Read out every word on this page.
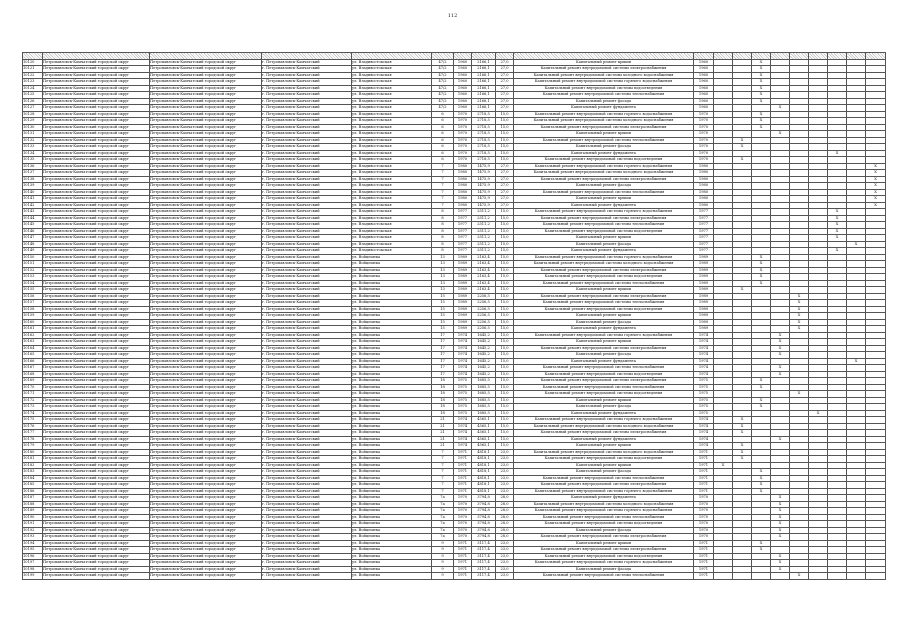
112

10120	Петропавловск-Камчатский городской округ	Петропавловск-Камчатский городской округ	г. Петропавловск-Камчатский	ул. Владивостокская	47/2	1960	2166,1	27,0	Капитальный ремонт крыши	1960			X						
10121	Петропавловск-Камчатский городской округ	Петропавловск-Камчатский городской округ	г. Петропавловск-Камчатский	ул. Владивостокская	47/2	1960	2166,1	27,0	Капитальный ремонт внутридомовой системы электроснабжения	1960			X						
10122	Петропавловск-Камчатский городской округ	Петропавловск-Камчатский городской округ	г. Петропавловск-Камчатский	ул. Владивостокская	47/2	1960	2166,1	27,0	Капитальный ремонт внутридомовой системы холодного водоснабжения	1960			X						
10123	Петропавловск-Камчатский городской округ	Петропавловск-Камчатский городской округ	г. Петропавловск-Камчатский	ул. Владивостокская	47/2	1960	2166,1	27,0	Капитальный ремонт внутридомовой системы горячего водоснабжения	1960			X						
10124	Петропавловск-Камчатский городской округ	Петропавловск-Камчатский городской округ	г. Петропавловск-Камчатский	ул. Владивостокская	47/2	1960	2166,1	27,0	Капитальный ремонт внутридомовой системы водоотведения	1960			X						
10125	Петропавловск-Камчатский городской округ	Петропавловск-Камчатский городской округ	г. Петропавловск-Камчатский	ул. Владивостокская	47/2	1960	2166,1	27,0	Капитальный ремонт внутридомовой системы теплоснабжения	1960			X						
10126	Петропавловск-Камчатский городской округ	Петропавловск-Камчатский городской округ	г. Петропавловск-Камчатский	ул. Владивостокская	47/2	1960	2166,1	27,0	Капитальный ремонт фасада	1960			X						
10127	Петропавловск-Камчатский городской округ	Петропавловск-Камчатский городской округ	г. Петропавловск-Камчатский	ул. Владивостокская	47/2	1960	2166,1	27,0	Капитальный ремонт фундамента	1960				X					
10128	Петропавловск-Камчатский городской округ	Петропавловск-Камчатский городской округ	г. Петропавловск-Камчатский	ул. Владивостокская	6	1970	2718,5	15,0	Капитальный ремонт внутридомовой системы горячего водоснабжения	1970			X						
10129	Петропавловск-Камчатский городской округ	Петропавловск-Камчатский городской округ	г. Петропавловск-Камчатский	ул. Владивостокская	6	1970	2718,5	15,0	Капитальный ремонт внутридомовой системы холодного водоснабжения	1970			X						
10130	Петропавловск-Камчатский городской округ	Петропавловск-Камчатский городской округ	г. Петропавловск-Камчатский	ул. Владивостокская	6	1970	2718,5	15,0	Капитальный ремонт внутридомовой системы электроснабжения	1970			X						
10131	Петропавловск-Камчатский городской округ	Петропавловск-Камчатский городской округ	г. Петропавловск-Камчатский	ул. Владивостокская	6	1970	2718,5	15,0	Капитальный ремонт крыши	1970				X					
10132	Петропавловск-Камчатский городской округ	Петропавловск-Камчатский городской округ	г. Петропавловск-Камчатский	ул. Владивостокская	6	1970	2718,5	15,0	Капитальный ремонт внутридомовой системы теплоснабжения	1970		X							
10133	Петропавловск-Камчатский городской округ	Петропавловск-Камчатский городской округ	г. Петропавловск-Камчатский	ул. Владивостокская	6	1970	2718,5	15,0	Капитальный ремонт фасада	1970		X							
10134	Петропавловск-Камчатский городской округ	Петропавловск-Камчатский городской округ	г. Петропавловск-Камчатский	ул. Владивостокская	6	1970	2718,5	15,0	Капитальный ремонт фундамента	1970							X		
10135	Петропавловск-Камчатский городской округ	Петропавловск-Камчатский городской округ	г. Петропавловск-Камчатский	ул. Владивостокская	6	1970	2718,5	15,0	Капитальный ремонт внутридомовой системы водоотведения	1970		X							
10136	Петропавловск-Камчатский городской округ	Петропавловск-Камчатский городской округ	г. Петропавловск-Камчатский	ул. Владивостокская	7	1980	1475,9	27,0	Капитальный ремонт внутридомовой системы горячего водоснабжения	1980									X
10137	Петропавловск-Камчатский городской округ	Петропавловск-Камчатский городской округ	г. Петропавловск-Камчатский	ул. Владивостокская	7	1980	1475,9	27,0	Капитальный ремонт внутридомовой системы холодного водоснабжения	1980									X
10138	Петропавловск-Камчатский городской округ	Петропавловск-Камчатский городской округ	г. Петропавловск-Камчатский	ул. Владивостокская	7	1980	1475,9	27,0	Капитальный ремонт внутридомовой системы электроснабжения	1980									X
10139	Петропавловск-Камчатский городской округ	Петропавловск-Камчатский городской округ	г. Петропавловск-Камчатский	ул. Владивостокская	7	1980	1475,9	27,0	Капитальный ремонт фасада	1980									X
10140	Петропавловск-Камчатский городской округ	Петропавловск-Камчатский городской округ	г. Петропавловск-Камчатский	ул. Владивостокская	7	1980	1475,9	27,0	Капитальный ремонт внутридомовой системы теплоснабжения	1980									X
10141	Петропавловск-Камчатский городской округ	Петропавловск-Камчатский городской округ	г. Петропавловск-Камчатский	ул. Владивостокская	7	1980	1475,9	27,0	Капитальный ремонт крыши	1980									X
10142	Петропавловск-Камчатский городской округ	Петропавловск-Камчатский городской округ	г. Петропавловск-Камчатский	ул. Владивостокская	7	1980	1475,9	27,0	Капитальный ремонт фундамента	1980									X
10143	Петропавловск-Камчатский городской округ	Петропавловск-Камчатский городской округ	г. Петропавловск-Камчатский	ул. Владивостокская	8	1977	2511,2	15,0	Капитальный ремонт внутридомовой системы горячего водоснабжения	1977							X		
10144	Петропавловск-Камчатский городской округ	Петропавловск-Камчатский городской округ	г. Петропавловск-Камчатский	ул. Владивостокская	8	1977	2511,2	15,0	Капитальный ремонт внутридомовой системы электроснабжения	1977							X		
10145	Петропавловск-Камчатский городской округ	Петропавловск-Камчатский городской округ	г. Петропавловск-Камчатский	ул. Владивостокская	8	1977	2511,2	15,0	Капитальный ремонт внутридомовой системы теплоснабжения	1977							X		
10146	Петропавловск-Камчатский городской округ	Петропавловск-Камчатский городской округ	г. Петропавловск-Камчатский	ул. Владивостокская	8	1977	2511,2	15,0	Капитальный ремонт внутридомовой системы водоотведения	1977							X		
10147	Петропавловск-Камчатский городской округ	Петропавловск-Камчатский городской округ	г. Петропавловск-Камчатский	ул. Владивостокская	8	1977	2511,2	15,0	Капитальный ремонт крыши	1977							X		
10148	Петропавловск-Камчатский городской округ	Петропавловск-Камчатский городской округ	г. Петропавловск-Камчатский	ул. Владивостокская	8	1977	2511,2	15,0	Капитальный ремонт фасада	1977								X	
10149	Петропавловск-Камчатский городской округ	Петропавловск-Камчатский городской округ	г. Петропавловск-Камчатский	ул. Владивостокская	8	1977	2511,2	15,0	Капитальный ремонт фундамента	1977							X		
10150	Петропавловск-Камчатский городской округ	Петропавловск-Камчатский городской округ	г. Петропавловск-Камчатский	ул. Войцешека	13	1989	2163,4	15,0	Капитальный ремонт внутридомовой системы горячего водоснабжения	1989			X						
10151	Петропавловск-Камчатский городской округ	Петропавловск-Камчатский городской округ	г. Петропавловск-Камчатский	ул. Войцешека	13	1989	2163,4	15,0	Капитальный ремонт внутридомовой системы холодного водоснабжения	1989			X						
10152	Петропавловск-Камчатский городской округ	Петропавловск-Камчатский городской округ	г. Петропавловск-Камчатский	ул. Войцешека	13	1989	2163,4	15,0	Капитальный ремонт внутридомовой системы электроснабжения	1989			X						
10153	Петропавловск-Камчатский городской округ	Петропавловск-Камчатский городской округ	г. Петропавловск-Камчатский	ул. Войцешека	13	1989	2163,4	15,0	Капитальный ремонт внутридомовой системы водоотведения	1989			X						
10154	Петропавловск-Камчатский городской округ	Петропавловск-Камчатский городской округ	г. Петропавловск-Камчатский	ул. Войцешека	13	1989	2163,4	15,0	Капитальный ремонт внутридомовой системы теплоснабжения	1989			X						
10155	Петропавловск-Камчатский городской округ	Петропавловск-Камчатский городской округ	г. Петропавловск-Камчатский	ул. Войцешека	13	1989	2163,4	15,0	Капитальный ремонт крыши	1989		X							
10156	Петропавловск-Камчатский городской округ	Петропавловск-Камчатский городской округ	г. Петропавловск-Камчатский	ул. Войцешека	15	1989	2256,5	15,0	Капитальный ремонт внутридомовой системы электроснабжения	1989					X				
10157	Петропавловск-Камчатский городской округ	Петропавловск-Камчатский городской округ	г. Петропавловск-Камчатский	ул. Войцешека	15	1989	2256,5	15,0	Капитальный ремонт внутридомовой системы теплоснабжения	1989					X				
10158	Петропавловск-Камчатский городской округ	Петропавловск-Камчатский городской округ	г. Петропавловск-Камчатский	ул. Войцешека	15	1989	2256,5	15,0	Капитальный ремонт внутридомовой системы водоотведения	1989					X				
10159	Петропавловск-Камчатский городской округ	Петропавловск-Камчатский городской округ	г. Петропавловск-Камчатский	ул. Войцешека	15	1989	2256,5	15,0	Капитальный ремонт крыши	1989					X				
10160	Петропавловск-Камчатский городской округ	Петропавловск-Камчатский городской округ	г. Петропавловск-Камчатский	ул. Войцешека	15	1989	2256,5	15,0	Капитальный ремонт фасада	1989					X				
10161	Петропавловск-Камчатский городской округ	Петропавловск-Камчатский городской округ	г. Петропавловск-Камчатский	ул. Войцешека	15	1989	2256,5	15,0	Капитальный ремонт фундамента	1989					X				
10162	Петропавловск-Камчатский городской округ	Петропавловск-Камчатский городской округ	г. Петропавловск-Камчатский	ул. Войцешека	17	1974	1645,2	15,0	Капитальный ремонт внутридомовой системы горячего водоснабжения	1974				X					
10163	Петропавловск-Камчатский городской округ	Петропавловск-Камчатский городской округ	г. Петропавловск-Камчатский	ул. Войцешека	17	1974	1645,2	15,0	Капитальный ремонт крыши	1974				X					
10164	Петропавловск-Камчатский городской округ	Петропавловск-Камчатский городской округ	г. Петропавловск-Камчатский	ул. Войцешека	17	1974	1645,2	15,0	Капитальный ремонт внутридомовой системы электроснабжения	1974				X					
10165	Петропавловск-Камчатский городской округ	Петропавловск-Камчатский городской округ	г. Петропавловск-Камчатский	ул. Войцешека	17	1974	1645,2	15,0	Капитальный ремонт фасада	1974				X					
10166	Петропавловск-Камчатский городской округ	Петропавловск-Камчатский городской округ	г. Петропавловск-Камчатский	ул. Войцешека	17	1974	1645,2	15,0	Капитальный ремонт фундамента	1974								X	
10167	Петропавловск-Камчатский городской округ	Петропавловск-Камчатский городской округ	г. Петропавловск-Камчатский	ул. Войцешека	17	1974	1645,2	15,0	Капитальный ремонт внутридомовой системы теплоснабжения	1974				X					
10168	Петропавловск-Камчатский городской округ	Петропавловск-Камчатский городской округ	г. Петропавловск-Камчатский	ул. Войцешека	17	1974	1645,2	15,0	Капитальный ремонт внутридомовой системы водоотведения	1974				X					
10169	Петропавловск-Камчатский городской округ	Петропавловск-Камчатский городской округ	г. Петропавловск-Камчатский	ул. Войцешека	18	1975	1685,5	15,0	Капитальный ремонт внутридомовой системы электроснабжения	1975			X						
10170	Петропавловск-Камчатский городской округ	Петропавловск-Камчатский городской округ	г. Петропавловск-Камчатский	ул. Войцешека	18	1975	1685,5	15,0	Капитальный ремонт внутридомовой системы теплоснабжения	1975			X						
10171	Петропавловск-Камчатский городской округ	Петропавловск-Камчатский городской округ	г. Петропавловск-Камчатский	ул. Войцешека	18	1975	1685,5	15,0	Капитальный ремонт внутридомовой системы водоотведения	1975					X				
10172	Петропавловск-Камчатский городской округ	Петропавловск-Камчатский городской округ	г. Петропавловск-Камчатский	ул. Войцешека	18	1975	1685,5	15,0	Капитальный ремонт крыши	1975			X						
10173	Петропавловск-Камчатский городской округ	Петропавловск-Камчатский городской округ	г. Петропавловск-Камчатский	ул. Войцешека	18	1975	1685,5	15,0	Капитальный ремонт фасада	1975			X						
10174	Петропавловск-Камчатский городской округ	Петропавловск-Камчатский городской округ	г. Петропавловск-Камчатский	ул. Войцешека	18	1975	1685,5	15,0	Капитальный ремонт фундамента	1975						X			
10175	Петропавловск-Камчатский городской округ	Петропавловск-Камчатский городской округ	г. Петропавловск-Камчатский	ул. Войцешека	21	1974	4565,1	15,0	Капитальный ремонт внутридомовой системы горячего водоснабжения	1974		X							
10176	Петропавловск-Камчатский городской округ	Петропавловск-Камчатский городской округ	г. Петропавловск-Камчатский	ул. Войцешека	21	1974	4565,1	15,0	Капитальный ремонт внутридомовой системы холодного водоснабжения	1974		X							
10177	Петропавловск-Камчатский городской округ	Петропавловск-Камчатский городской округ	г. Петропавловск-Камчатский	ул. Войцешека	21	1974	4565,1	15,0	Капитальный ремонт внутридомовой системы электроснабжения	1974		X							
10178	Петропавловск-Камчатский городской округ	Петропавловск-Камчатский городской округ	г. Петропавловск-Камчатский	ул. Войцешека	21	1974	4565,1	15,0	Капитальный ремонт фундамента	1974				X					
10179	Петропавловск-Камчатский городской округ	Петропавловск-Камчатский городской округ	г. Петропавловск-Камчатский	ул. Войцешека	21	1974	4565,1	15,0	Капитальный ремонт крыши	1974		X							
10180	Петропавловск-Камчатский городской округ	Петропавловск-Камчатский городской округ	г. Петропавловск-Камчатский	ул. Войцешека	7	1971	4818,1	23,0	Капитальный ремонт внутридомовой системы холодного водоснабжения	1971		X							
10181	Петропавловск-Камчатский городской округ	Петропавловск-Камчатский городской округ	г. Петропавловск-Камчатский	ул. Войцешека	7	1971	4818,1	23,0	Капитальный ремонт внутридомовой системы водоотведения	1971		X							
10182	Петропавловск-Камчатский городской округ	Петропавловск-Камчатский городской округ	г. Петропавловск-Камчатский	ул. Войцешека	7	1971	4818,1	23,0	Капитальный ремонт крыши	1971	X								
10183	Петропавловск-Камчатский городской округ	Петропавловск-Камчатский городской округ	г. Петропавловск-Камчатский	ул. Войцешека	7	1971	4818,1	23,0	Капитальный ремонт фасада	1971			X						
10184	Петропавловск-Камчатский городской округ	Петропавловск-Камчатский городской округ	г. Петропавловск-Камчатский	ул. Войцешека	7	1971	4818,1	23,0	Капитальный ремонт внутридомовой системы теплоснабжения	1971			X						
10185	Петропавловск-Камчатский городской округ	Петропавловск-Камчатский городской округ	г. Петропавловск-Камчатский	ул. Войцешека	7	1971	4818,1	23,0	Капитальный ремонт внутридомовой системы электроснабжения	1971			X						
10186	Петропавловск-Камчатский городской округ	Петропавловск-Камчатский городской округ	г. Петропавловск-Камчатский	ул. Войцешека	7	1971	4818,1	23,0	Капитальный ремонт внутридомовой системы горячего водоснабжения	1971			X						
10187	Петропавловск-Камчатский городской округ	Петропавловск-Камчатский городской округ	г. Петропавловск-Камчатский	ул. Войцешека	7a	1970	3794,8	28,0	Капитальный ремонт фундамента	1970				X					
10188	Петропавловск-Камчатский городской округ	Петропавловск-Камчатский городской округ	г. Петропавловск-Камчатский	ул. Войцешека	7a	1970	3794,8	28,0	Капитальный ремонт внутридомовой системы холодного водоснабжения	1970				X					
10189	Петропавловск-Камчатский городской округ	Петропавловск-Камчатский городской округ	г. Петропавловск-Камчатский	ул. Войцешека	7a	1970	3794,8	28,0	Капитальный ремонт внутридомовой системы горячего водоснабжения	1970				X					
10190	Петропавловск-Камчатский городской округ	Петропавловск-Камчатский городской округ	г. Петропавловск-Камчатский	ул. Войцешека	7a	1970	3794,8	28,0	Капитальный ремонт внутридомовой системы теплоснабжения	1970				X					
10191	Петропавловск-Камчатский городской округ	Петропавловск-Камчатский городской округ	г. Петропавловск-Камчатский	ул. Войцешека	7a	1970	3794,8	28,0	Капитальный ремонт внутридомовой системы водоотведения	1970				X					
10192	Петропавловск-Камчатский городской округ	Петропавловск-Камчатский городской округ	г. Петропавловск-Камчатский	ул. Войцешека	7a	1970	3794,8	28,0	Капитальный ремонт фасада	1970				X					
10193	Петропавловск-Камчатский городской округ	Петропавловск-Камчатский городской округ	г. Петропавловск-Камчатский	ул. Войцешека	7a	1970	3794,8	28,0	Капитальный ремонт внутридомовой системы электроснабжения	1970				X					
10194	Петропавловск-Камчатский городской округ	Петропавловск-Камчатский городской округ	г. Петропавловск-Камчатский	ул. Войцешека	9	1971	3117,4	23,0	Капитальный ремонт крыши	1971			X						
10195	Петропавловск-Камчатский городской округ	Петропавловск-Камчатский городской округ	г. Петропавловск-Камчатский	ул. Войцешека	9	1971	3117,4	23,0	Капитальный ремонт внутридомовой системы электроснабжения	1971			X						
10196	Петропавловск-Камчатский городской округ	Петропавловск-Камчатский городской округ	г. Петропавловск-Камчатский	ул. Войцешека	9	1971	3117,4	23,0	Капитальный ремонт внутридомовой системы водоотведения	1971				X					
10197	Петропавловск-Камчатский городской округ	Петропавловск-Камчатский городской округ	г. Петропавловск-Камчатский	ул. Войцешека	9	1971	3117,4	23,0	Капитальный ремонт внутридомовой системы горячего водоснабжения	1971				X					
10198	Петропавловск-Камчатский городской округ	Петропавловск-Камчатский городской округ	г. Петропавловск-Камчатский	ул. Войцешека	9	1971	3117,4	23,0	Капитальный ремонт фасада	1971				X					
10199	Петропавловск-Камчатский городской округ	Петропавловск-Камчатский городской округ	г. Петропавловск-Камчатский	ул. Войцешека	9	1971	3117,4	23,0	Капитальный ремонт внутридомовой системы теплоснабжения	1971					X				
